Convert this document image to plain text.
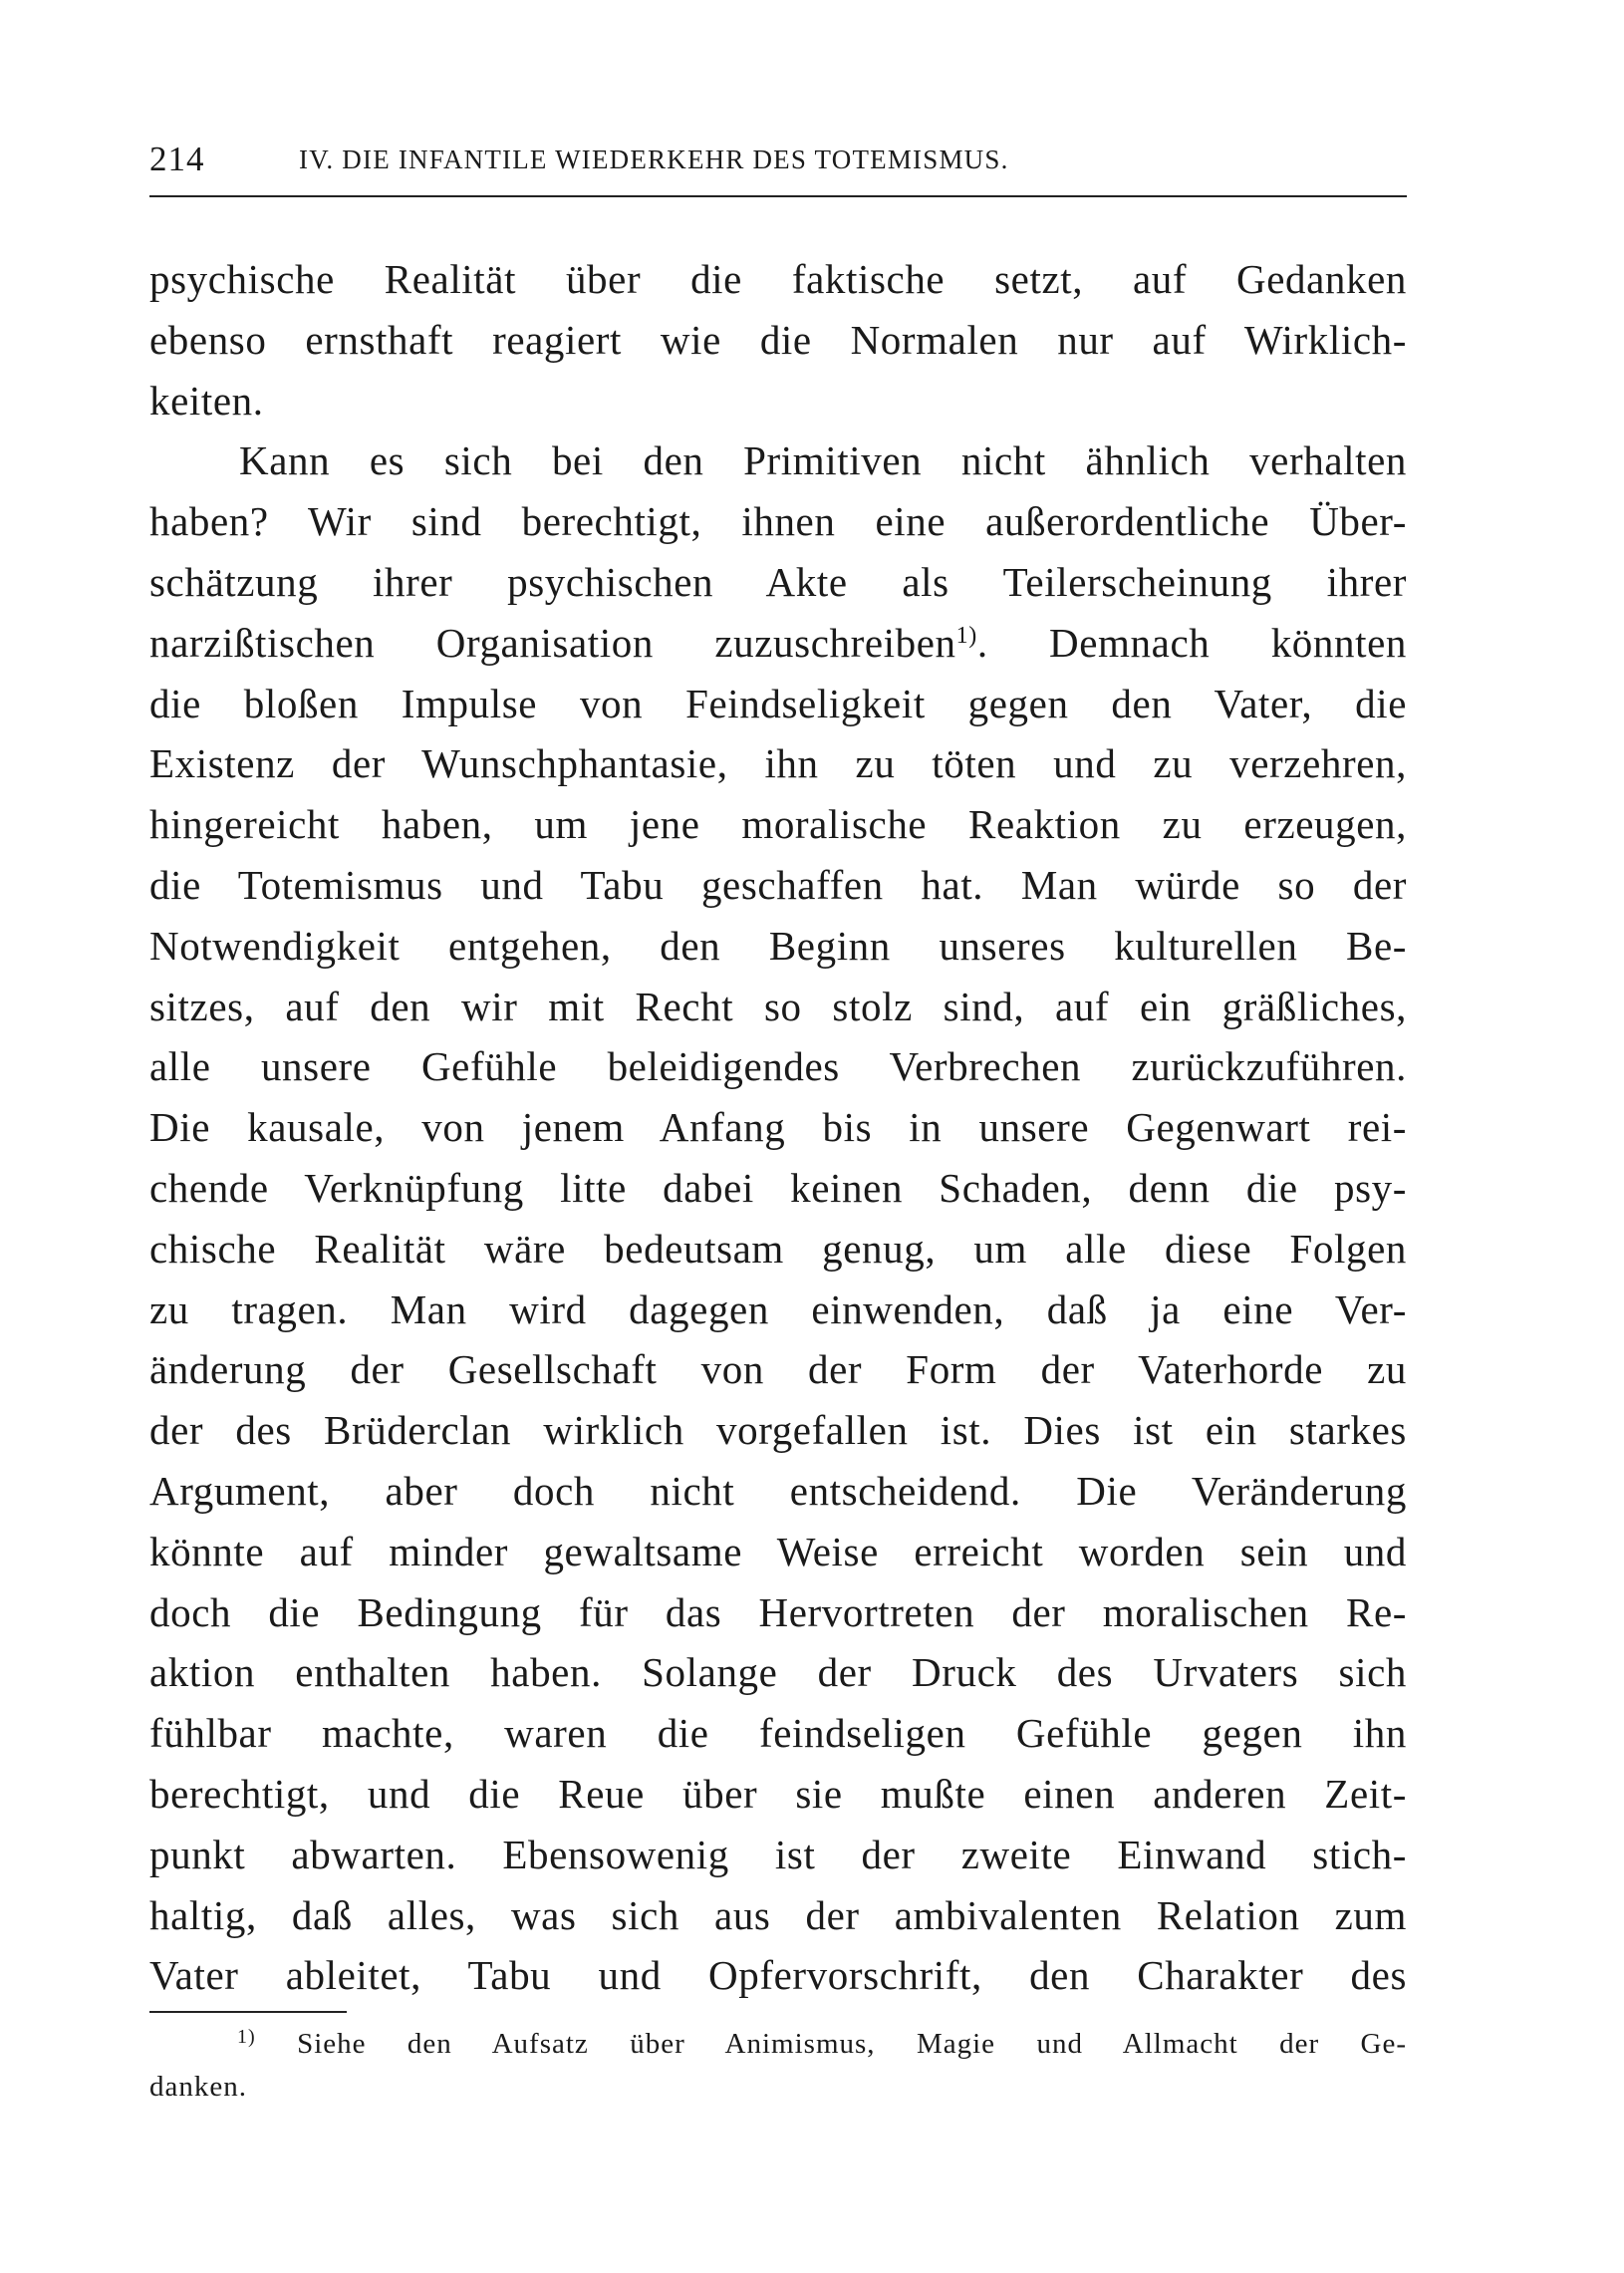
214	IV. DIE INFANTILE WIEDERKEHR DES TOTEMISMUS.
psychische Realität über die faktische setzt, auf Gedanken
ebenso ernsthaft reagiert wie die Normalen nur auf Wirklich-
keiten.
Kann es sich bei den Primitiven nicht ähnlich verhalten
haben? Wir sind berechtigt, ihnen eine außerordentliche Über-
schätzung ihrer psychischen Akte als Teilerscheinung ihrer
narzißtischen Organisation zuzuschreiben$^{1)}$. Demnach könnten
die bloßen Impulse von Feindseligkeit gegen den Vater, die
Existenz der Wunschphantasie, ihn zu töten und zu verzehren,
hingereicht haben, um jene moralische Reaktion zu erzeugen,
die Totemismus und Tabu geschaffen hat. Man würde so der
Notwendigkeit entgehen, den Beginn unseres kulturellen Be-
sitzes, auf den wir mit Recht so stolz sind, auf ein gräßliches,
alle unsere Gefühle beleidigendes Verbrechen zurückzuführen.
Die kausale, von jenem Anfang bis in unsere Gegenwart rei-
chende Verknüpfung litte dabei keinen Schaden, denn die psy-
chische Realität wäre bedeutsam genug, um alle diese Folgen
zu tragen. Man wird dagegen einwenden, daß ja eine Ver-
änderung der Gesellschaft von der Form der Vaterhorde zu
der des Brüderclan wirklich vorgefallen ist. Dies ist ein starkes
Argument, aber doch nicht entscheidend. Die Veränderung
könnte auf minder gewaltsame Weise erreicht worden sein und
doch die Bedingung für das Hervortreten der moralischen Re-
aktion enthalten haben. Solange der Druck des Urvaters sich
fühlbar machte, waren die feindseligen Gefühle gegen ihn
berechtigt, und die Reue über sie mußte einen anderen Zeit-
punkt abwarten. Ebensowenig ist der zweite Einwand stich-
haltig, daß alles, was sich aus der ambivalenten Relation zum
Vater ableitet, Tabu und Opfervorschrift, den Charakter des
$^{1)}$ Siehe den Aufsatz über Animismus, Magie und Allmacht der Ge-
danken.
